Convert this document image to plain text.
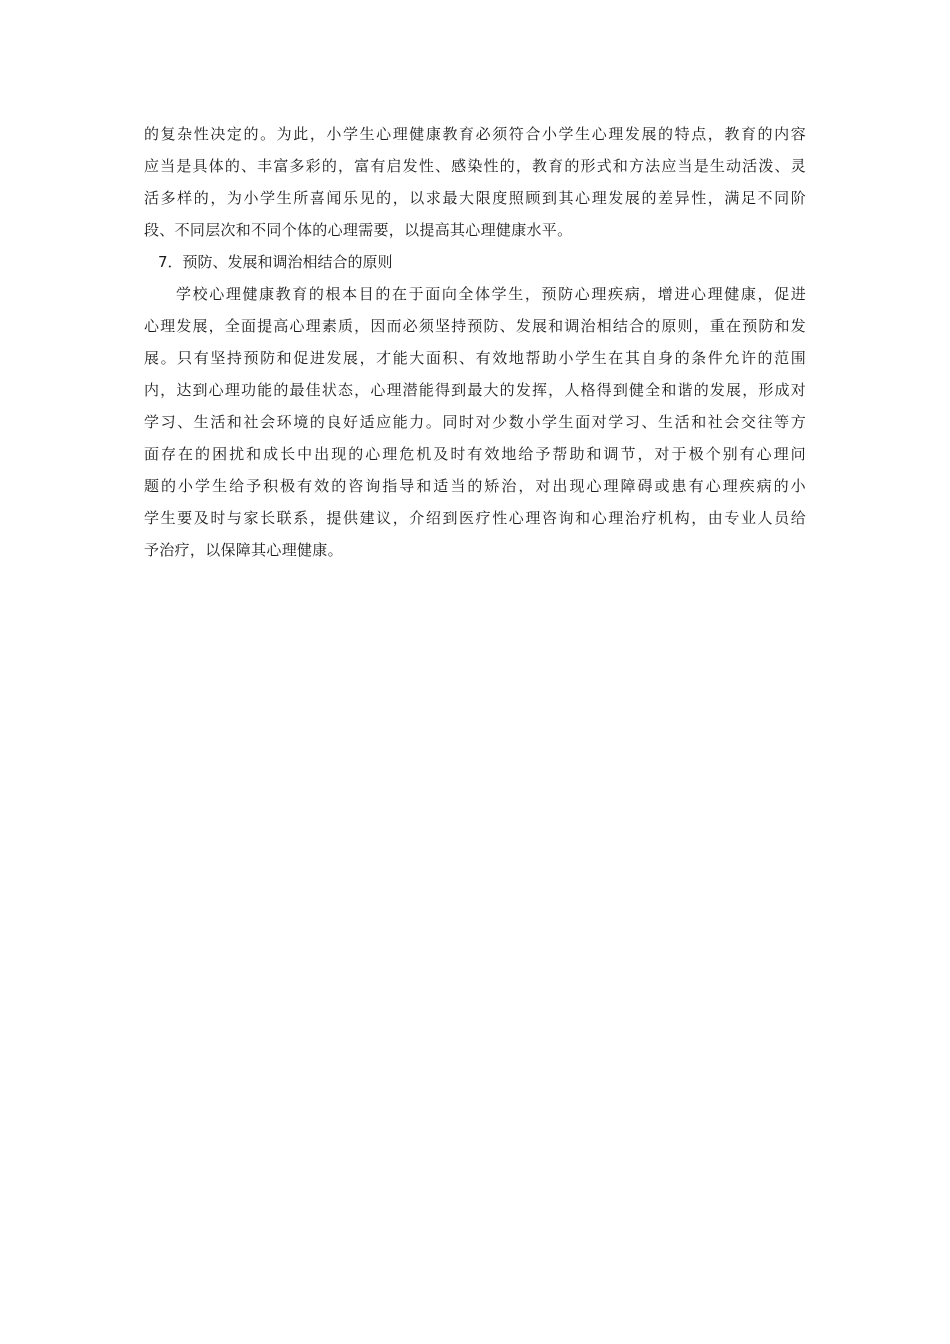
的复杂性决定的。为此，小学生心理健康教育必须符合小学生心理发展的特点，教育的内容
应当是具体的、丰富多彩的，富有启发性、感染性的，教育的形式和方法应当是生动活泼、灵
活多样的，为小学生所喜闻乐见的，以求最大限度照顾到其心理发展的差异性，满足不同阶
段、不同层次和不同个体的心理需要，以提高其心理健康水平。

7．预防、发展和调治相结合的原则

学校心理健康教育的根本目的在于面向全体学生，预防心理疾病，增进心理健康，促进
心理发展，全面提高心理素质，因而必须坚持预防、发展和调治相结合的原则，重在预防和发
展。只有坚持预防和促进发展，才能大面积、有效地帮助小学生在其自身的条件允许的范围
内，达到心理功能的最佳状态，心理潜能得到最大的发挥，人格得到健全和谐的发展，形成对
学习、生活和社会环境的良好适应能力。同时对少数小学生面对学习、生活和社会交往等方
面存在的困扰和成长中出现的心理危机及时有效地给予帮助和调节，对于极个别有心理问
题的小学生给予积极有效的咨询指导和适当的矫治，对出现心理障碍或患有心理疾病的小
学生要及时与家长联系，提供建议，介绍到医疗性心理咨询和心理治疗机构，由专业人员给
予治疗，以保障其心理健康。
